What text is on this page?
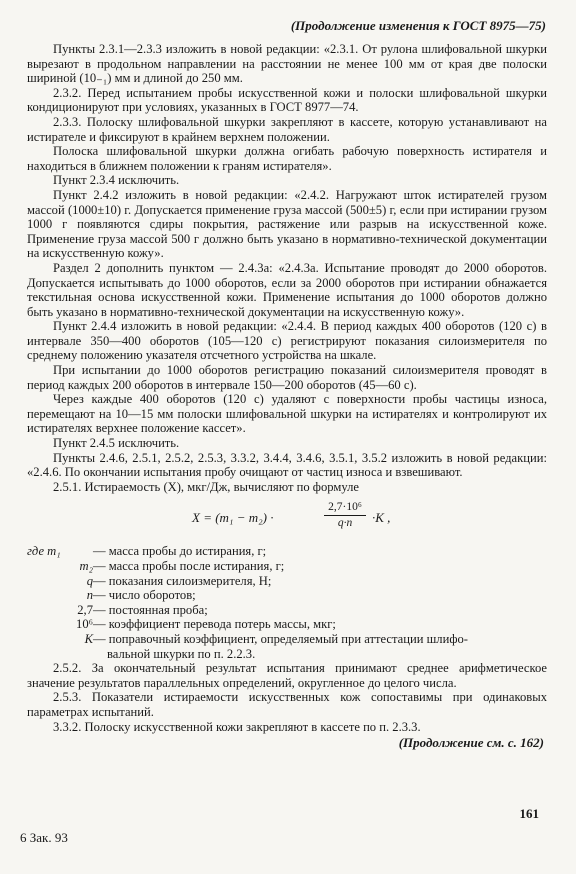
(Продолжение изменения к ГОСТ 8975—75)

Пункты 2.3.1—2.3.3 изложить в новой редакции: «2.3.1. От рулона шлифовальной шкурки вырезают в продольном направлении на расстоянии не менее 100 мм от края две полоски шириной (10₋₁) мм и длиной до 250 мм.

2.3.2. Перед испытанием пробы искусственной кожи и полоски шлифовальной шкурки кондиционируют при условиях, указанных в ГОСТ 8977—74.

2.3.3. Полоску шлифовальной шкурки закрепляют в кассете, которую устанавливают на истирателе и фиксируют в крайнем верхнем положении.

Полоска шлифовальной шкурки должна огибать рабочую поверхность истирателя и находиться в ближнем положении к граням истирателя».

Пункт 2.3.4 исключить.

Пункт 2.4.2 изложить в новой редакции: «2.4.2. Нагружают шток истирателей грузом массой (1000±10) г. Допускается применение груза массой (500±5) г, если при истирании грузом 1000 г появляются сдиры покрытия, растяжение или разрыв на искусственной коже. Применение груза массой 500 г должно быть указано в нормативно-технической документации на искусственную кожу».

Раздел 2 дополнить пунктом — 2.4.3а: «2.4.3а. Испытание проводят до 2000 оборотов. Допускается испытывать до 1000 оборотов, если за 2000 оборотов при истирании обнажается текстильная основа искусственной кожи. Применение испытания до 1000 оборотов должно быть указано в нормативно-технической документации на искусственную кожу».

Пункт 2.4.4 изложить в новой редакции: «2.4.4. В период каждых 400 оборотов (120 с) в интервале 350—400 оборотов (105—120 с) регистрируют показания силоизмерителя по среднему положению указателя отсчетного устройства на шкале.

При испытании до 1000 оборотов регистрацию показаний силоизмерителя проводят в период каждых 200 оборотов в интервале 150—200 оборотов (45—60 с).

Через каждые 400 оборотов (120 с) удаляют с поверхности пробы частицы износа, перемещают на 10—15 мм полоски шлифовальной шкурки на истирателях и контролируют их истирателях верхнее положение кассет».

Пункт 2.4.5 исключить.

Пункты 2.4.6, 2.5.1, 2.5.2, 2.5.3, 3.3.2, 3.4.4, 3.4.6, 3.5.1, 3.5.2 изложить в новой редакции: «2.4.6. По окончании испытания пробу очищают от частиц износа и взвешивают.

2.5.1. Истираемость (X), мкг/Дж, вычисляют по формуле

X = (m₁ − m₂) ·	$\frac{\text{2,7·10⁶}}{q\cdot n} \cdot K$ ,
где m₁	— масса пробы до истирания, г;
m₂ — масса пробы после истирания, г;
q — показания силоизмерителя, Н;
n — число оборотов;
2,7 — постоянная проба;
10⁶ — коэффициент перевода потерь массы, мкг;
K — поправочный коэффициент, определяемый при аттестации шлифо-
вальной шкурки по п. 2.2.3.

2.5.2. За окончательный результат испытания принимают среднее арифметическое значение результатов параллельных определений, округленное до целого числа.

2.5.3. Показатели истираемости искусственных кож сопоставимы при одинаковых параметрах испытаний.

3.3.2. Полоску искусственной кожи закрепляют в кассете по п. 2.3.3.

(Продолжение см. с. 162)
161
6 Зак. 93
